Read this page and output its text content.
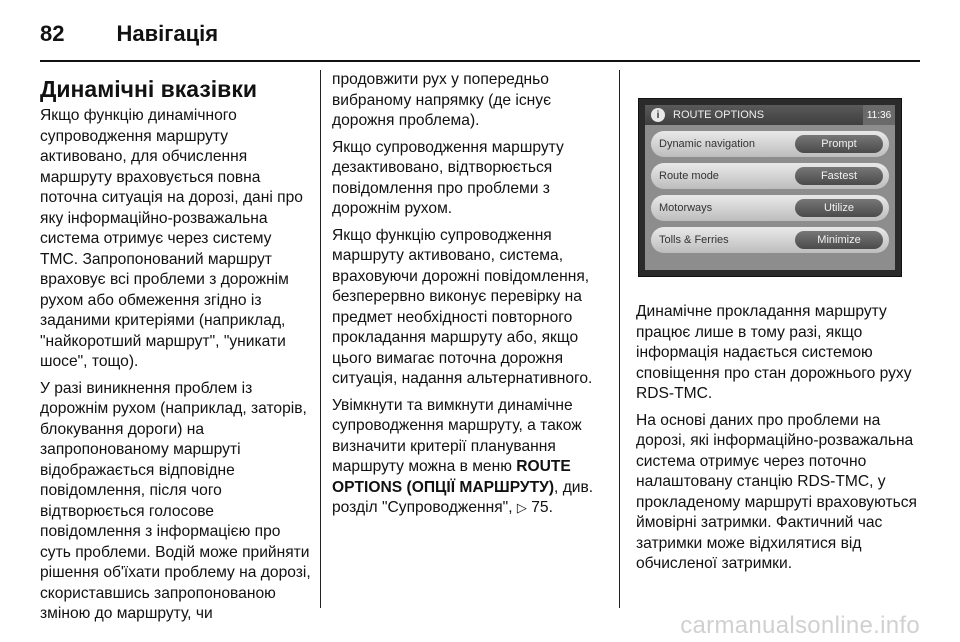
82 Навігація
Динамічні вказівки

Якщо функцію динамічного супроводження маршруту активовано, для обчислення маршруту враховується повна поточна ситуація на дорозі, дані про яку інформаційно-розважальна система отримує через систему TMC. Запропонований маршрут враховує всі проблеми з дорожнім рухом або обмеження згідно із заданими критеріями (наприклад, "найкоротший маршрут", "уникати шосе", тощо).

У разі виникнення проблем із дорожнім рухом (наприклад, заторів, блокування дороги) на запропонованому маршруті відображається відповідне повідомлення, після чого відтворюється голосове повідомлення з інформацією про суть проблеми. Водій може прийняти рішення об'їхати проблему на дорозі, скориставшись запропонованою зміною до маршруту, чи

продовжити рух у попередньо вибраному напрямку (де існує дорожня проблема).

Якщо супроводження маршруту дезактивовано, відтворюється повідомлення про проблеми з дорожнім рухом.

Якщо функцію супроводження маршруту активовано, система, враховуючи дорожні повідомлення, безперервно виконує перевірку на предмет необхідності повторного прокладання маршруту або, якщо цього вимагає поточна дорожня ситуація, надання альтернативного.

Увімкнути та вимкнути динамічне супроводження маршруту, а також визначити критерії планування маршруту можна в меню ROUTE OPTIONS (ОПЦІЇ МАРШРУТУ), див. розділ "Супроводження", ▷ 75.

i	ROUTE OPTIONS	11:36
Dynamic navigation	Prompt
Route mode	Fastest
Motorways	Utilize
Tolls & Ferries	Minimize

Динамічне прокладання маршруту працює лише в тому разі, якщо інформація надається системою сповіщення про стан дорожнього руху RDS-TMC.

На основі даних про проблеми на дорозі, які інформаційно-розважальна система отримує через поточно налаштовану станцію RDS-TMC, у прокладеному маршруті враховуються ймовірні затримки. Фактичний час затримки може відхилятися від обчисленої затримки.

carmanualsonline.info
